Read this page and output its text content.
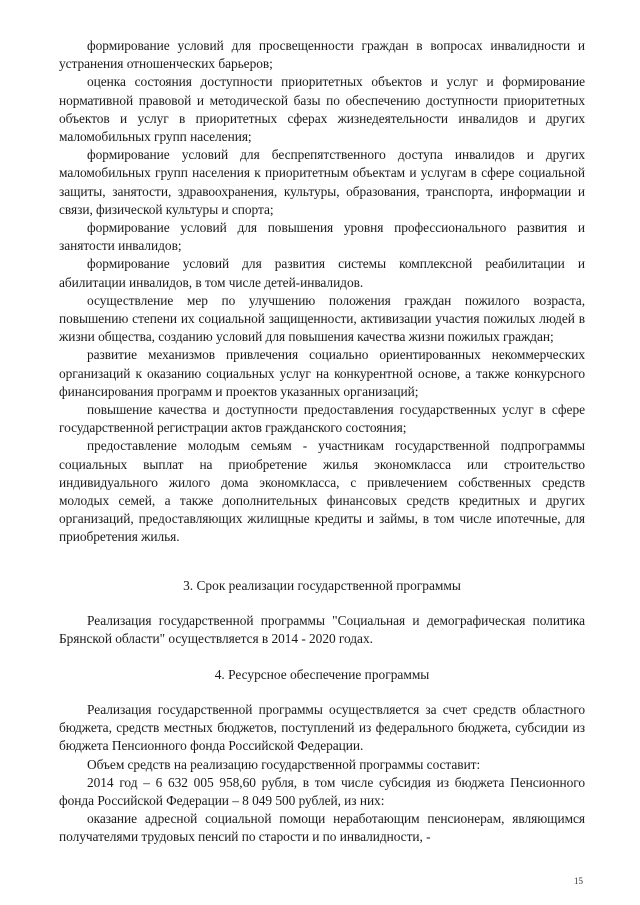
формирование условий для просвещенности граждан в вопросах инвалидности и устранения отношенческих барьеров;

оценка состояния доступности приоритетных объектов и услуг и формирование нормативной правовой и методической базы по обеспечению доступности приоритетных объектов и услуг в приоритетных сферах жизнедеятельности инвалидов и других маломобильных групп населения;

формирование условий для беспрепятственного доступа инвалидов и других маломобильных групп населения к приоритетным объектам и услугам в сфере социальной защиты, занятости, здравоохранения, культуры, образования, транспорта, информации и связи, физической культуры и спорта;

формирование условий для повышения уровня профессионального развития и занятости инвалидов;

формирование условий для развития системы комплексной реабилитации и абилитации инвалидов, в том числе детей-инвалидов.

осуществление мер по улучшению положения граждан пожилого возраста, повышению степени их социальной защищенности, активизации участия пожилых людей в жизни общества, созданию условий для повышения качества жизни пожилых граждан;

развитие механизмов привлечения социально ориентированных некоммерческих организаций к оказанию социальных услуг на конкурентной основе, а также конкурсного финансирования программ и проектов указанных организаций;

повышение качества и доступности предоставления государственных услуг в сфере государственной регистрации актов гражданского состояния;

предоставление молодым семьям - участникам государственной подпрограммы социальных выплат на приобретение жилья экономкласса или строительство индивидуального жилого дома экономкласса, с привлечением собственных средств молодых семей, а также дополнительных финансовых средств кредитных и других организаций, предоставляющих жилищные кредиты и займы, в том числе ипотечные, для приобретения жилья.

3. Срок реализации государственной программы

Реализация государственной программы "Социальная и демографическая политика Брянской области" осуществляется в 2014 - 2020 годах.

4. Ресурсное обеспечение программы

Реализация государственной программы осуществляется за счет средств областного бюджета, средств местных бюджетов, поступлений из федерального бюджета, субсидии из бюджета Пенсионного фонда Российской Федерации.

Объем средств на реализацию государственной программы составит:

2014 год – 6 632 005 958,60 рубля, в том числе субсидия из бюджета Пенсионного фонда Российской Федерации – 8 049 500 рублей, из них:

оказание адресной социальной помощи неработающим пенсионерам, являющимся получателями трудовых пенсий по старости и по инвалидности, -

15
